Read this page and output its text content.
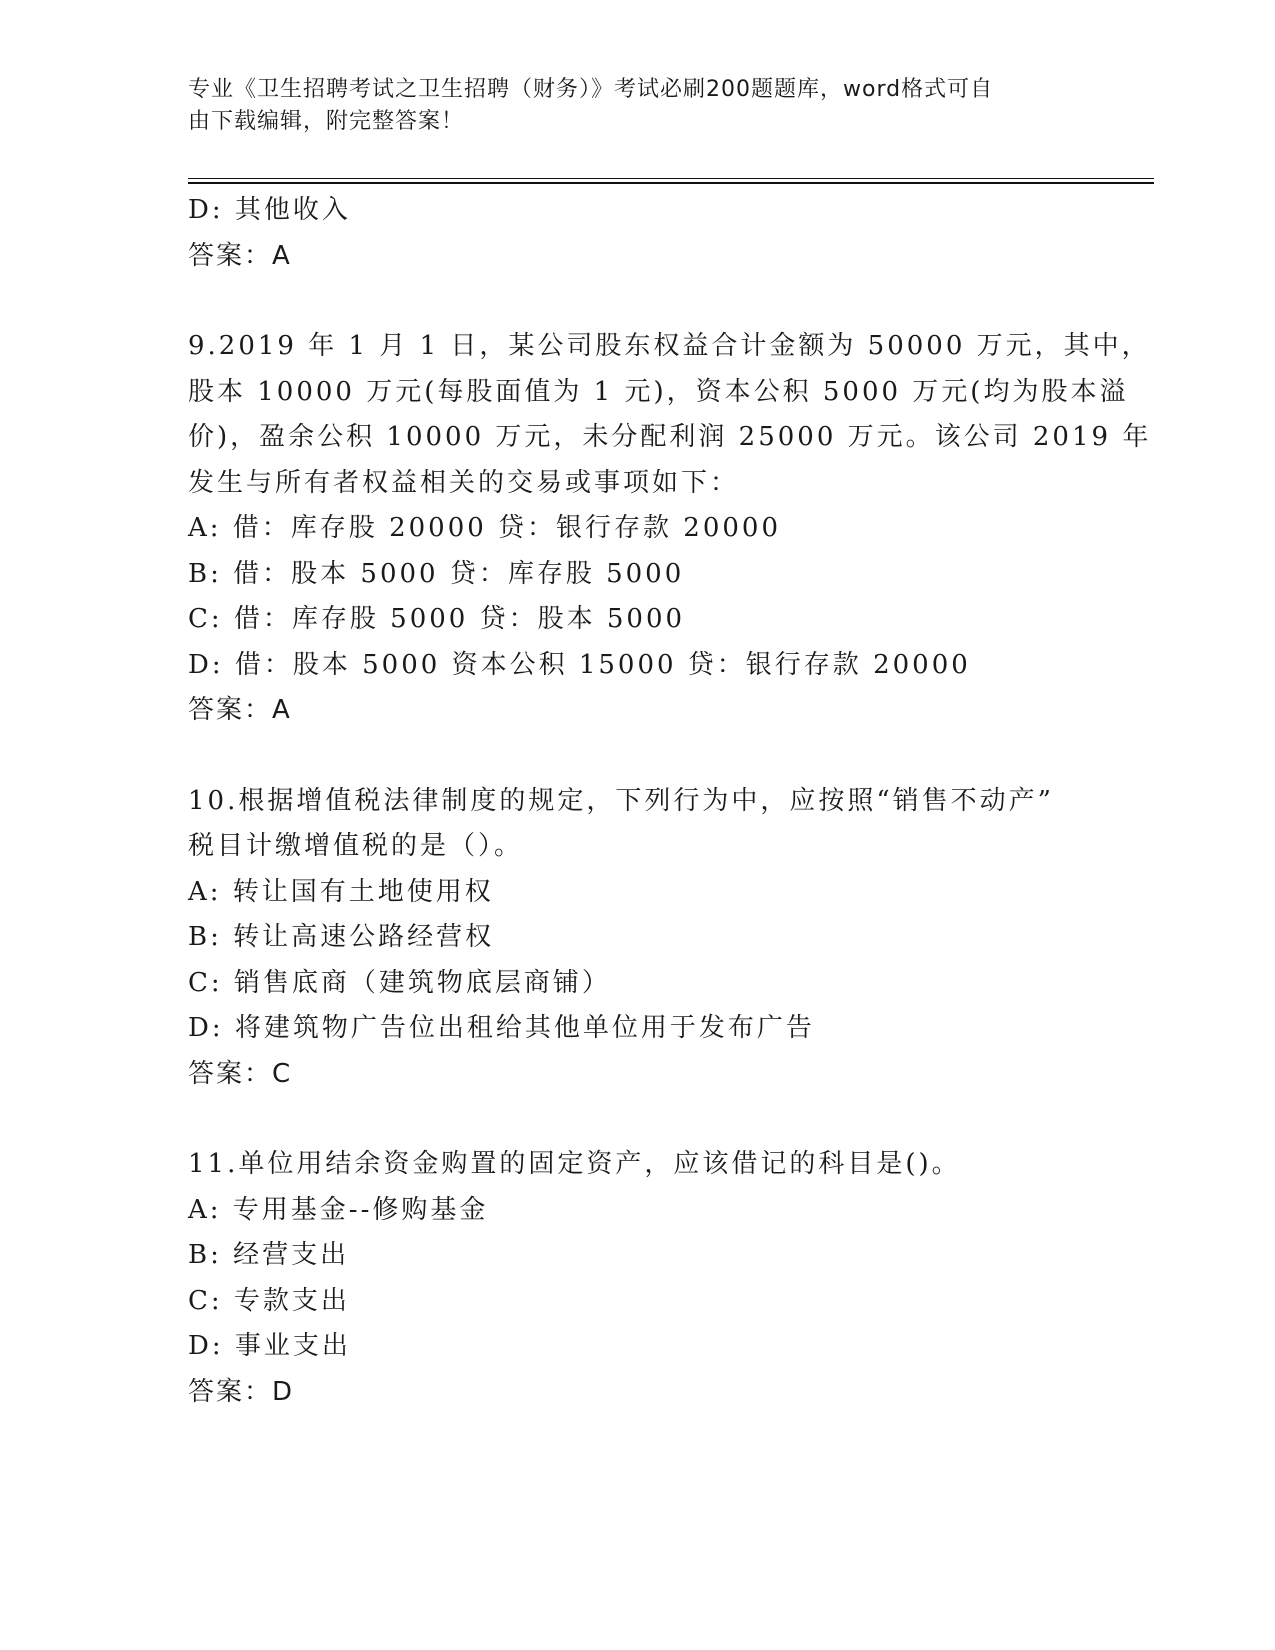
专业《卫生招聘考试之卫生招聘（财务）》考试必刷200题题库，word格式可自
由下载编辑，附完整答案！
D: 其他收入
答案：A
9.2019 年 1 月 1 日，某公司股东权益合计金额为 50000 万元，其中，
股本 10000 万元(每股面值为 1 元)，资本公积 5000 万元(均为股本溢
价)，盈余公积 10000 万元，未分配利润 25000 万元。该公司 2019 年
发生与所有者权益相关的交易或事项如下：
A: 借：库存股 20000 贷：银行存款 20000
B: 借：股本 5000 贷：库存股 5000
C: 借：库存股 5000 贷：股本 5000
D: 借：股本 5000 资本公积 15000 贷：银行存款 20000
答案：A
10.根据增值税法律制度的规定，下列行为中，应按照“销售不动产”
税目计缴增值税的是（）。
A: 转让国有土地使用权
B: 转让高速公路经营权
C: 销售底商（建筑物底层商铺）
D: 将建筑物广告位出租给其他单位用于发布广告
答案：C
11.单位用结余资金购置的固定资产，应该借记的科目是()。
A: 专用基金--修购基金
B: 经营支出
C: 专款支出
D: 事业支出
答案：D
